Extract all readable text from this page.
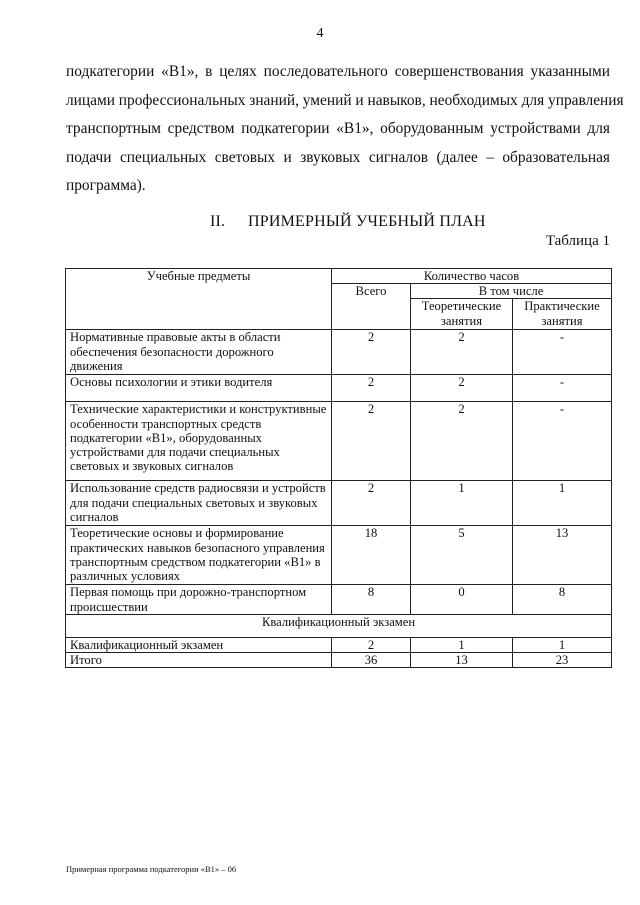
4
подкатегории «B1», в целях последовательного совершенствования указанными
лицами профессиональных знаний, умений и навыков, необходимых для управления
транспортным средством подкатегории «B1», оборудованным устройствами для
подачи специальных световых и звуковых сигналов (далее – образовательная
программа).
II. ПРИМЕРНЫЙ УЧЕБНЫЙ ПЛАН
Таблица 1
Учебные предметы	Количество часов		
	Всего	В том числе	
		Теоретические занятия	Практические занятия
Нормативные правовые акты в области обеспечения безопасности дорожного движения	2	2	-
Основы психологии и этики водителя	2	2	-
Технические характеристики и конструктивные особенности транспортных средств подкатегории «B1», оборудованных устройствами для подачи специальных световых и звуковых сигналов	2	2	-
Использование средств радиосвязи и устройств для подачи специальных световых и звуковых сигналов	2	1	1
Теоретические основы и формирование практических навыков безопасного управления транспортным средством подкатегории «B1» в различных условиях	18	5	13
Первая помощь при дорожно-транспортном происшествии	8	0	8
Квалификационный экзамен			
Квалификационный экзамен	2	1	1
Итого	36	13	23
Примерная программа подкатегории «B1» – 06
